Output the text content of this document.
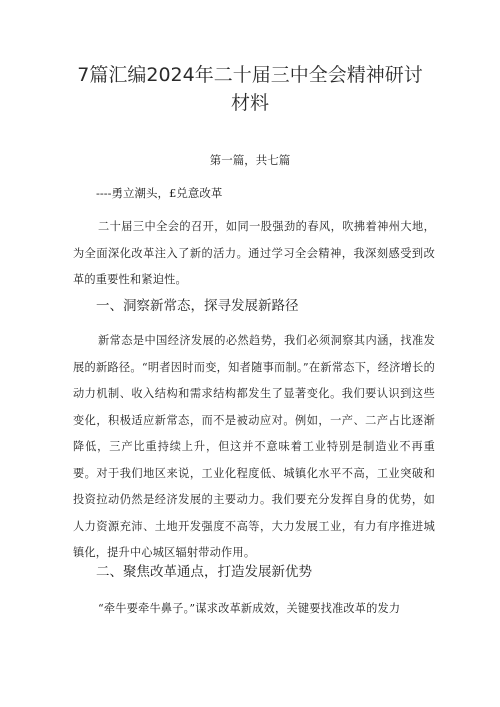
7篇汇编2024年二十届三中全会精神研讨
材料
第一篇，共七篇
----勇立潮头，£兑意改革

二十届三中全会的召开，如同一股强劲的春风，吹拂着神州大地，为全面深化改革注入了新的活力。通过学习全会精神，我深刻感受到改革的重要性和紧迫性。

一、洞察新常态，探寻发展新路径

新常态是中国经济发展的必然趋势，我们必须洞察其内涵，找准发展的新路径。“明者因时而变，知者随事而制。”在新常态下，经济增长的动力机制、收入结构和需求结构都发生了显著变化。我们要认识到这些变化，积极适应新常态，而不是被动应对。例如，一产、二产占比逐渐降低，三产比重持续上升，但这并不意味着工业特别是制造业不再重要。对于我们地区来说，工业化程度低、城镇化水平不高，工业突破和投资拉动仍然是经济发展的主要动力。我们要充分发挥自身的优势，如人力资源充沛、土地开发强度不高等，大力发展工业，有力有序推进城镇化，提升中心城区辐射带动作用。

二、聚焦改革通点，打造发展新优势

“牵牛要牵牛鼻子。”谋求改革新成效，关键要找准改革的发力
